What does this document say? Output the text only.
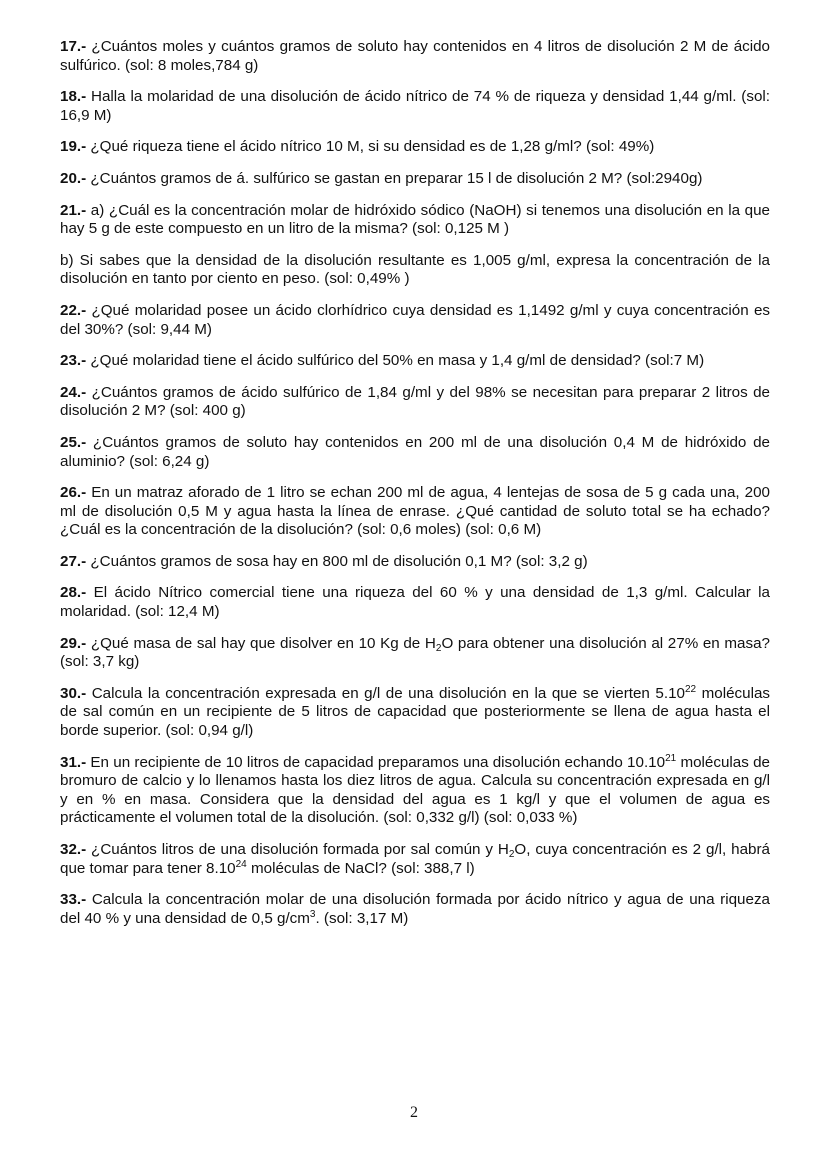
17.- ¿Cuántos moles y cuántos gramos de soluto hay contenidos en 4 litros de disolución 2 M de ácido sulfúrico. (sol: 8 moles,784 g)

18.- Halla la molaridad de una disolución de ácido nítrico de 74 % de riqueza y densidad 1,44 g/ml. (sol: 16,9 M)

19.- ¿Qué riqueza tiene el ácido nítrico 10 M, si su densidad es de 1,28 g/ml? (sol: 49%)

20.- ¿Cuántos gramos de á. sulfúrico se gastan en preparar 15 l de disolución 2 M? (sol:2940g)

21.- a) ¿Cuál es la concentración molar de hidróxido sódico (NaOH) si tenemos una disolución en la que hay 5 g de este compuesto en un litro de la misma? (sol: 0,125 M )

b) Si sabes que la densidad de la disolución resultante es 1,005 g/ml, expresa la concentración de la disolución en tanto por ciento en peso. (sol: 0,49% )

22.- ¿Qué molaridad posee un ácido clorhídrico cuya densidad es 1,1492 g/ml y cuya concentración es del 30%? (sol: 9,44 M)

23.- ¿Qué molaridad tiene el ácido sulfúrico del 50% en masa y 1,4 g/ml de densidad? (sol:7 M)

24.- ¿Cuántos gramos de ácido sulfúrico de 1,84 g/ml y del 98% se necesitan para preparar 2 litros de disolución 2 M? (sol: 400 g)

25.- ¿Cuántos gramos de soluto hay contenidos en 200 ml de una disolución 0,4 M de hidróxido de aluminio? (sol: 6,24 g)

26.- En un matraz aforado de 1 litro se echan 200 ml de agua, 4 lentejas de sosa de 5 g cada una, 200 ml de disolución 0,5 M y agua hasta la línea de enrase. ¿Qué cantidad de soluto total se ha echado? ¿Cuál es la concentración de la disolución? (sol: 0,6 moles) (sol: 0,6 M)

27.- ¿Cuántos gramos de sosa hay en 800 ml de disolución 0,1 M? (sol: 3,2 g)

28.- El ácido Nítrico comercial tiene una riqueza del 60 % y una densidad de 1,3 g/ml. Calcular la molaridad. (sol: 12,4 M)

29.- ¿Qué masa de sal hay que disolver en 10 Kg de $H_2O$ para obtener una disolución al 27% en masa? (sol: 3,7 kg)

30.- Calcula la concentración expresada en g/l de una disolución en la que se vierten 5.10$^{22}$ moléculas de sal común en un recipiente de 5 litros de capacidad que posteriormente se llena de agua hasta el borde superior. (sol: 0,94 g/l)

31.- En un recipiente de 10 litros de capacidad preparamos una disolución echando 10.10$^{21}$ moléculas de bromuro de calcio y lo llenamos hasta los diez litros de agua. Calcula su concentración expresada en g/l y en % en masa. Considera que la densidad del agua es 1 kg/l y que el volumen de agua es prácticamente el volumen total de la disolución. (sol: 0,332 g/l) (sol: 0,033 %)

32.- ¿Cuántos litros de una disolución formada por sal común y $H_2O$, cuya concentración es 2 g/l, habrá que tomar para tener 8.10$^{24}$ moléculas de NaCl? (sol: 388,7 l)

33.- Calcula la concentración molar de una disolución formada por ácido nítrico y agua de una riqueza del 40 % y una densidad de 0,5 $g/cm^3$. (sol: 3,17 M)

2
